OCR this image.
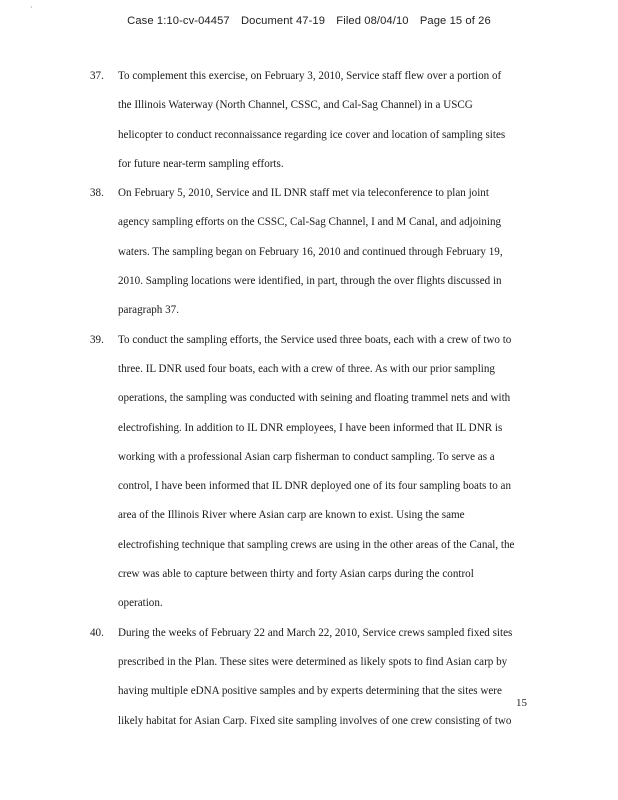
·
Case 1:10-cv-04457 Document 47-19 Filed 08/04/10 Page 15 of 26
37. To complement this exercise, on February 3, 2010, Service staff flew over a portion of
the Illinois Waterway (North Channel, CSSC, and Cal-Sag Channel) in a USCG
helicopter to conduct reconnaissance regarding ice cover and location of sampling sites
for future near-term sampling efforts.
38. On February 5, 2010, Service and IL DNR staff met via teleconference to plan joint
agency sampling efforts on the CSSC, Cal-Sag Channel, I and M Canal, and adjoining
waters. The sampling began on February 16, 2010 and continued through February 19,
2010. Sampling locations were identified, in part, through the over flights discussed in
paragraph 37.
39. To conduct the sampling efforts, the Service used three boats, each with a crew of two to
three. IL DNR used four boats, each with a crew of three. As with our prior sampling
operations, the sampling was conducted with seining and floating trammel nets and with
electrofishing. In addition to IL DNR employees, I have been informed that IL DNR is
working with a professional Asian carp fisherman to conduct sampling. To serve as a
control, I have been informed that IL DNR deployed one of its four sampling boats to an
area of the Illinois River where Asian carp are known to exist. Using the same
electrofishing technique that sampling crews are using in the other areas of the Canal, the
crew was able to capture between thirty and forty Asian carps during the control
operation.
40. During the weeks of February 22 and March 22, 2010, Service crews sampled fixed sites
prescribed in the Plan. These sites were determined as likely spots to find Asian carp by
having multiple eDNA positive samples and by experts determining that the sites were
likely habitat for Asian Carp. Fixed site sampling involves of one crew consisting of two
15
